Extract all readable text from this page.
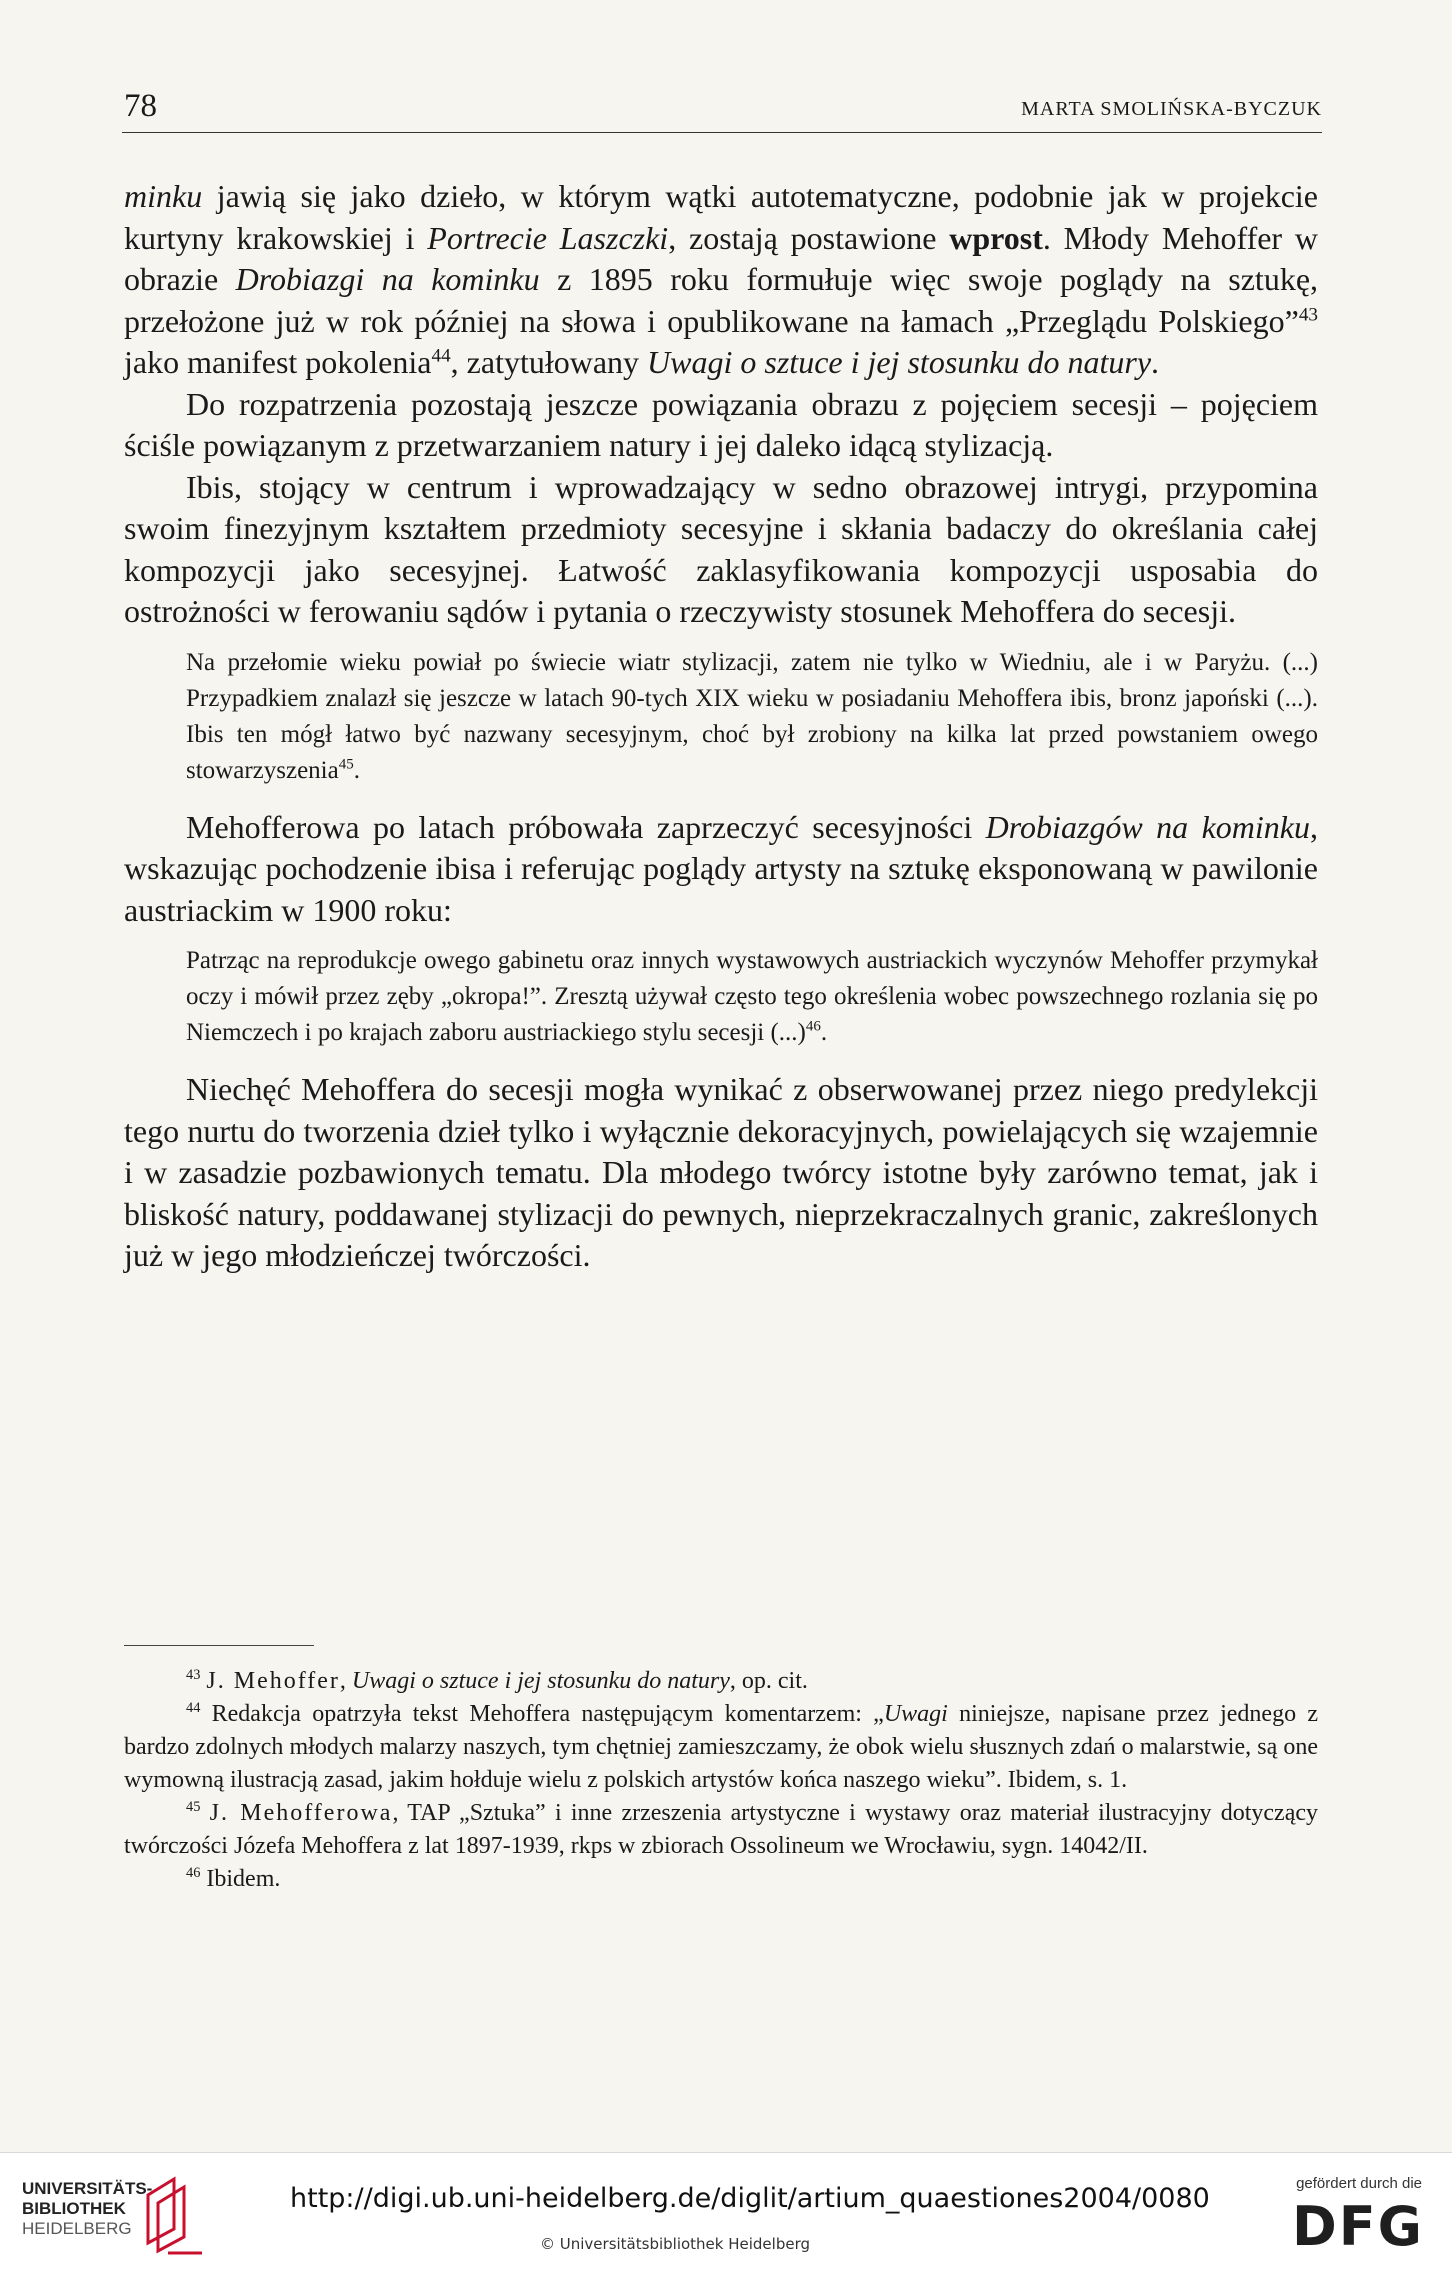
78	MARTA SMOLIŃSKA-BYCZUK

minku jawią się jako dzieło, w którym wątki autotematyczne, podobnie jak w projekcie kurtyny krakowskiej i Portrecie Laszczki, zostają postawione wprost. Młody Mehoffer w obrazie Drobiazgi na kominku z 1895 roku formułuje więc swoje poglądy na sztukę, przełożone już w rok później na słowa i opublikowane na łamach „Przeglądu Polskiego”$^{43}$ jako manifest pokolenia$^{44}$, zatytułowany Uwagi o sztuce i jej stosunku do natury.

Do rozpatrzenia pozostają jeszcze powiązania obrazu z pojęciem secesji – pojęciem ściśle powiązanym z przetwarzaniem natury i jej daleko idącą stylizacją.

Ibis, stojący w centrum i wprowadzający w sedno obrazowej intrygi, przypomina swoim finezyjnym kształtem przedmioty secesyjne i skłania badaczy do określania całej kompozycji jako secesyjnej. Łatwość zaklasyfikowania kompozycji usposabia do ostrożności w ferowaniu sądów i pytania o rzeczywisty stosunek Mehoffera do secesji.

Na przełomie wieku powiał po świecie wiatr stylizacji, zatem nie tylko w Wiedniu, ale i w Paryżu. (...) Przypadkiem znalazł się jeszcze w latach 90-tych XIX wieku w posiadaniu Mehoffera ibis, bronz japoński (...). Ibis ten mógł łatwo być nazwany secesyjnym, choć był zrobiony na kilka lat przed powstaniem owego stowarzyszenia$^{45}$.

Mehofferowa po latach próbowała zaprzeczyć secesyjności Drobiazgów na kominku, wskazując pochodzenie ibisa i referując poglądy artysty na sztukę eksponowaną w pawilonie austriackim w 1900 roku:

Patrząc na reprodukcje owego gabinetu oraz innych wystawowych austriackich wyczynów Mehoffer przymykał oczy i mówił przez zęby „okropa!”. Zresztą używał często tego określenia wobec powszechnego rozlania się po Niemczech i po krajach zaboru austriackiego stylu secesji (...)$^{46}$.

Niechęć Mehoffera do secesji mogła wynikać z obserwowanej przez niego predylekcji tego nurtu do tworzenia dzieł tylko i wyłącznie dekoracyjnych, powielających się wzajemnie i w zasadzie pozbawionych tematu. Dla młodego twórcy istotne były zarówno temat, jak i bliskość natury, poddawanej stylizacji do pewnych, nieprzekraczalnych granic, zakreślonych już w jego młodzieńczej twórczości.

$^{43}$ J. Mehoffer, Uwagi o sztuce i jej stosunku do natury, op. cit.

$^{44}$ Redakcja opatrzyła tekst Mehoffera następującym komentarzem: „Uwagi niniejsze, napisane przez jednego z bardzo zdolnych młodych malarzy naszych, tym chętniej zamieszczamy, że obok wielu słusznych zdań o malarstwie, są one wymowną ilustracją zasad, jakim hołduje wielu z polskich artystów końca naszego wieku”. Ibidem, s. 1.

$^{45}$ J. Mehofferowa, TAP „Sztuka” i inne zrzeszenia artystyczne i wystawy oraz materiał ilustracyjny dotyczący twórczości Józefa Mehoffera z lat 1897-1939, rkps w zbiorach Ossolineum we Wrocławiu, sygn. 14042/II.

$^{46}$ Ibidem.

UNIVERSITÄTS-
BIBLIOTHEK
HEIDELBERG
http://digi.ub.uni-heidelberg.de/diglit/artium_quaestiones2004/0080
© Universitätsbibliothek Heidelberg
gefördert durch die
DFG
